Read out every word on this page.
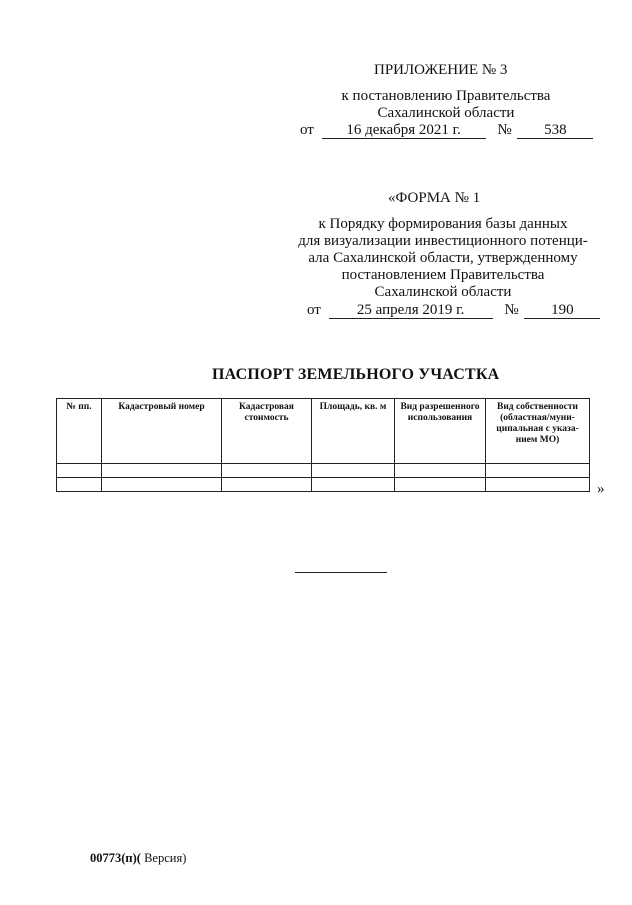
ПРИЛОЖЕНИЕ № 3
к постановлению Правительства
Сахалинской области
от 16 декабря 2021 г. № 538
«ФОРМА № 1
к Порядку формирования базы данных
для визуализации инвестиционного потенци-
ала Сахалинской области, утвержденному
постановлением Правительства
Сахалинской области
от 25 апреля 2019 г.	№ 190
ПАСПОРТ ЗЕМЕЛЬНОГО УЧАСТКА
№ пп.	Кадастровый номер	Кадастровая стоимость	Площадь, кв. м	Вид разрешенного использования	Вид собственности (областная/муни-ципальная с указа-нием МО)

»
00773(п)( Версия)
